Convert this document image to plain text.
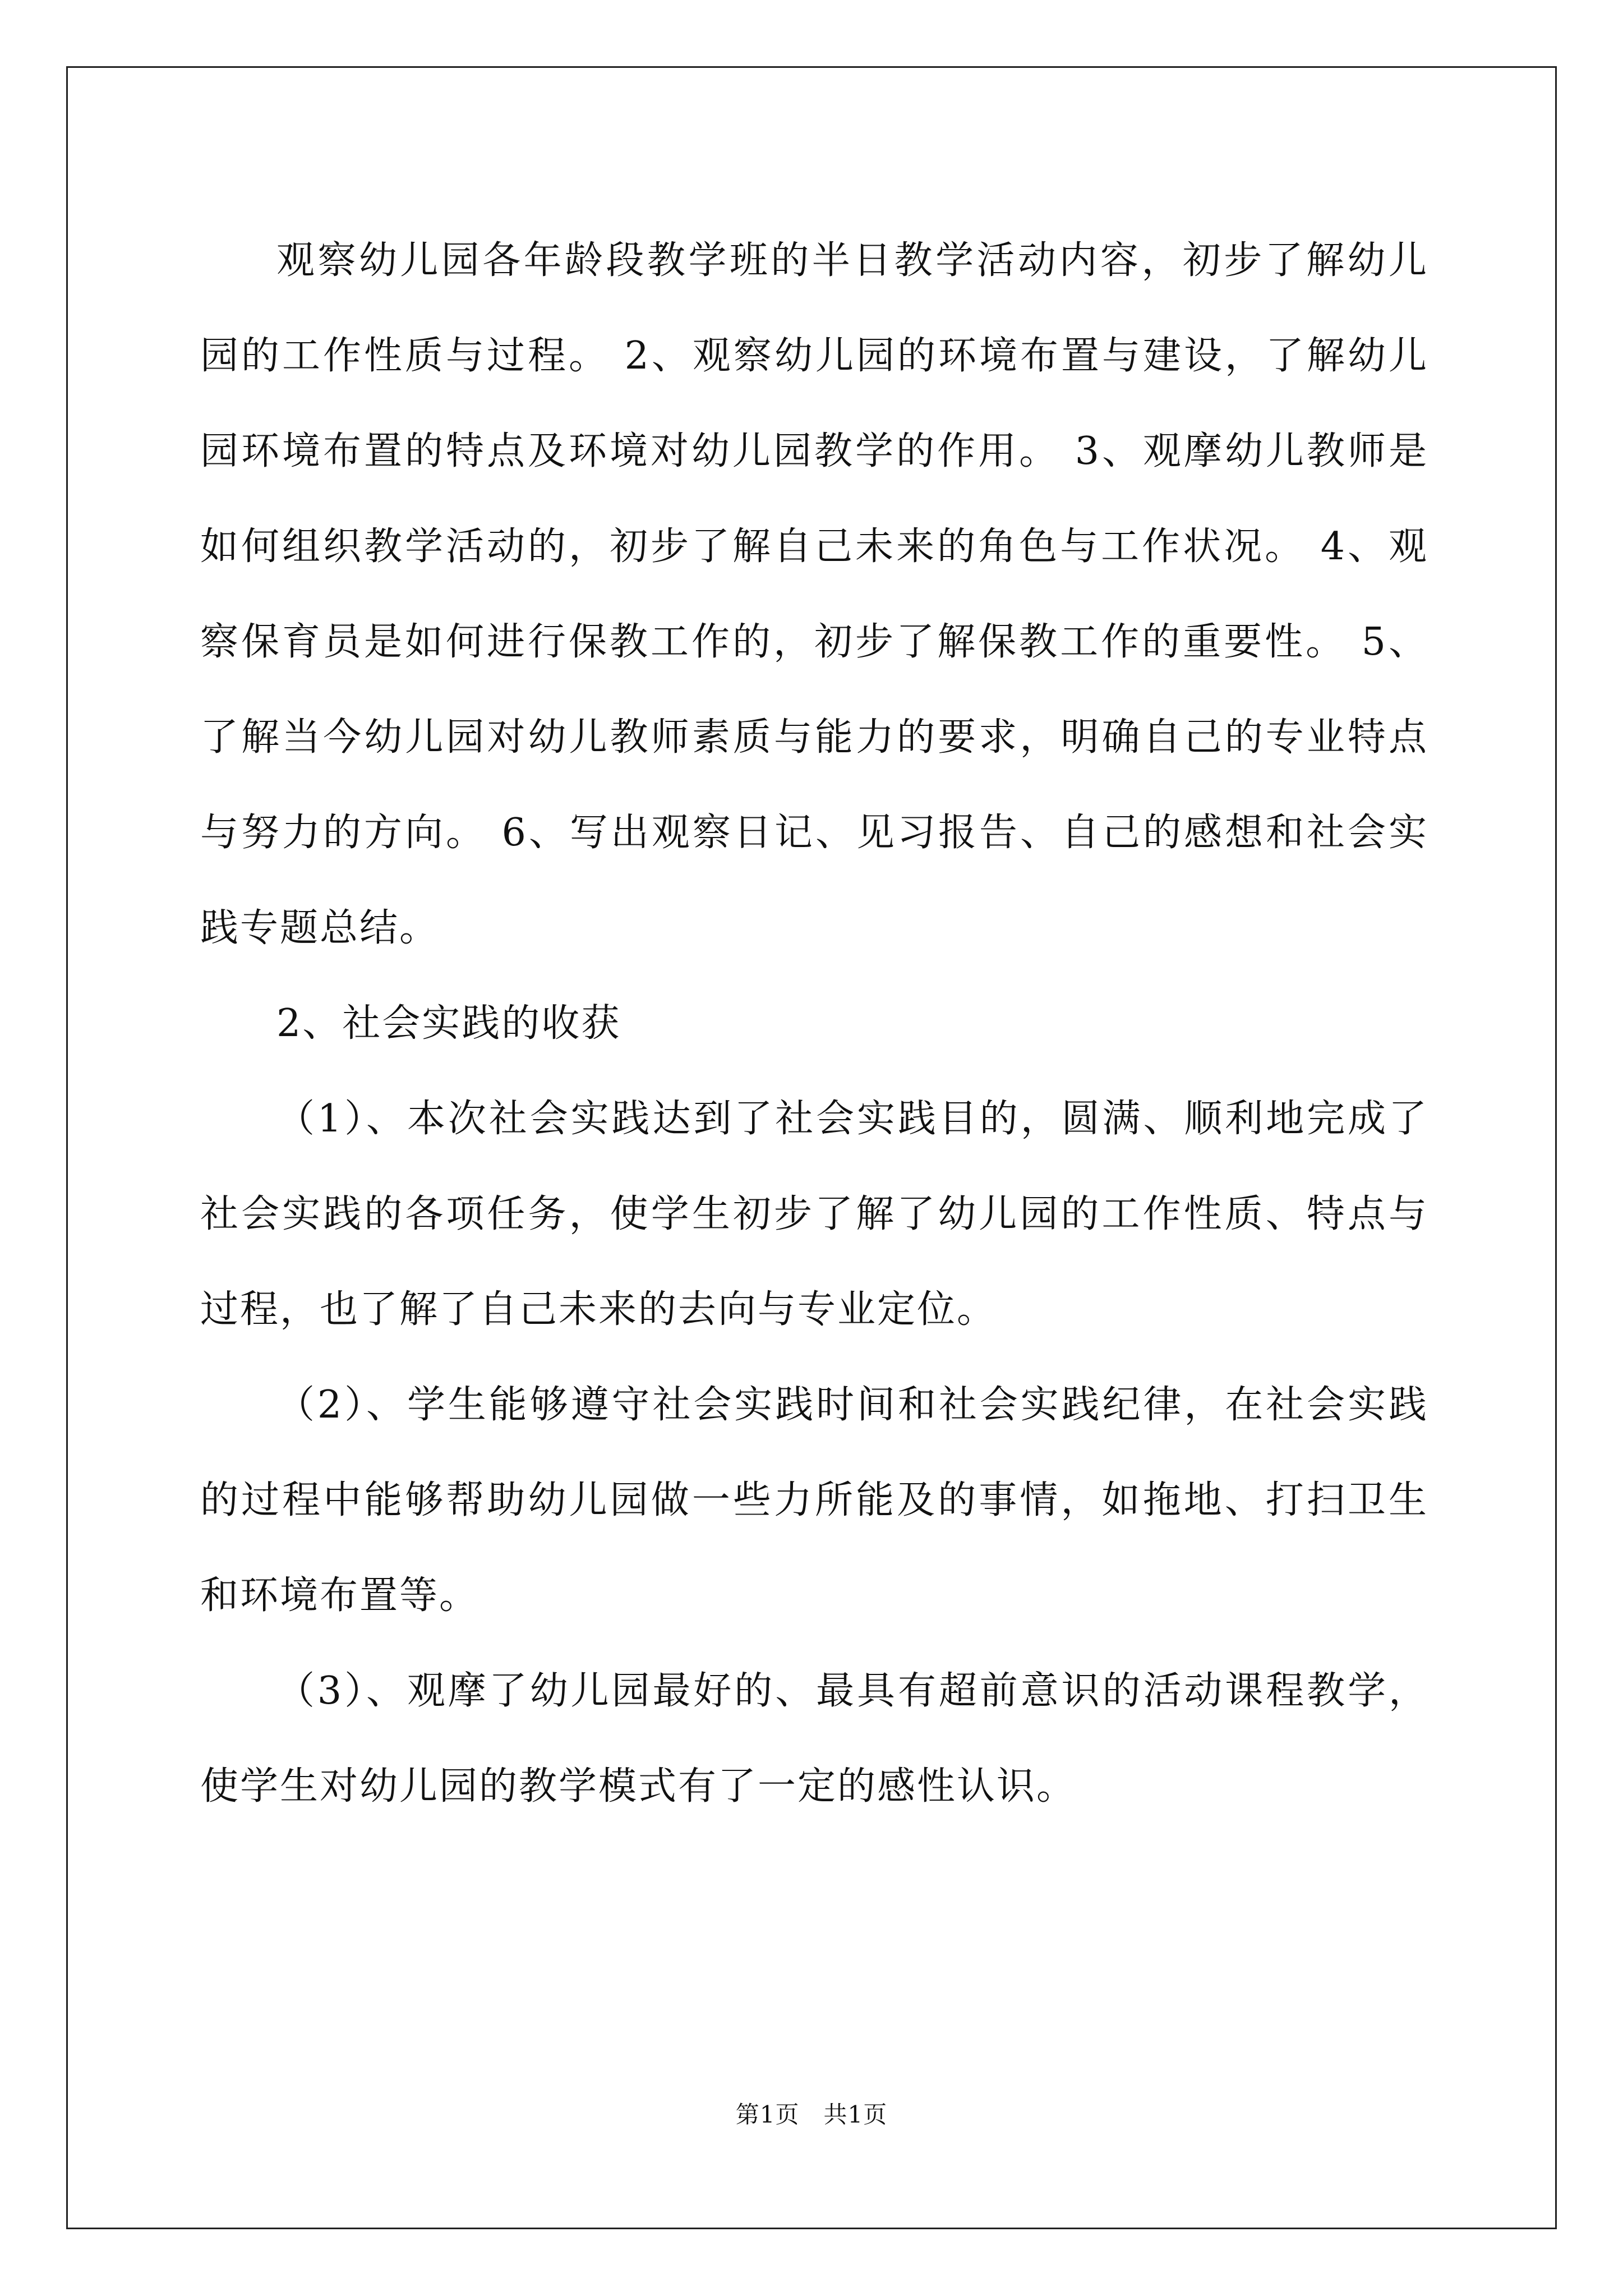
观察幼儿园各年龄段教学班的半日教学活动内容，初步了解幼儿园的工作性质与过程。 2、观察幼儿园的环境布置与建设，了解幼儿园环境布置的特点及环境对幼儿园教学的作用。 3、观摩幼儿教师是如何组织教学活动的，初步了解自己未来的角色与工作状况。 4、观察保育员是如何进行保教工作的，初步了解保教工作的重要性。 5、了解当今幼儿园对幼儿教师素质与能力的要求，明确自己的专业特点与努力的方向。 6、写出观察日记、见习报告、自己的感想和社会实践专题总结。

2、社会实践的收获

（1）、本次社会实践达到了社会实践目的，圆满、顺利地完成了社会实践的各项任务，使学生初步了解了幼儿园的工作性质、特点与过程，也了解了自己未来的去向与专业定位。

（2）、学生能够遵守社会实践时间和社会实践纪律，在社会实践的过程中能够帮助幼儿园做一些力所能及的事情，如拖地、打扫卫生和环境布置等。

（3）、观摩了幼儿园最好的、最具有超前意识的活动课程教学，使学生对幼儿园的教学模式有了一定的感性认识。

第1页　共1页
